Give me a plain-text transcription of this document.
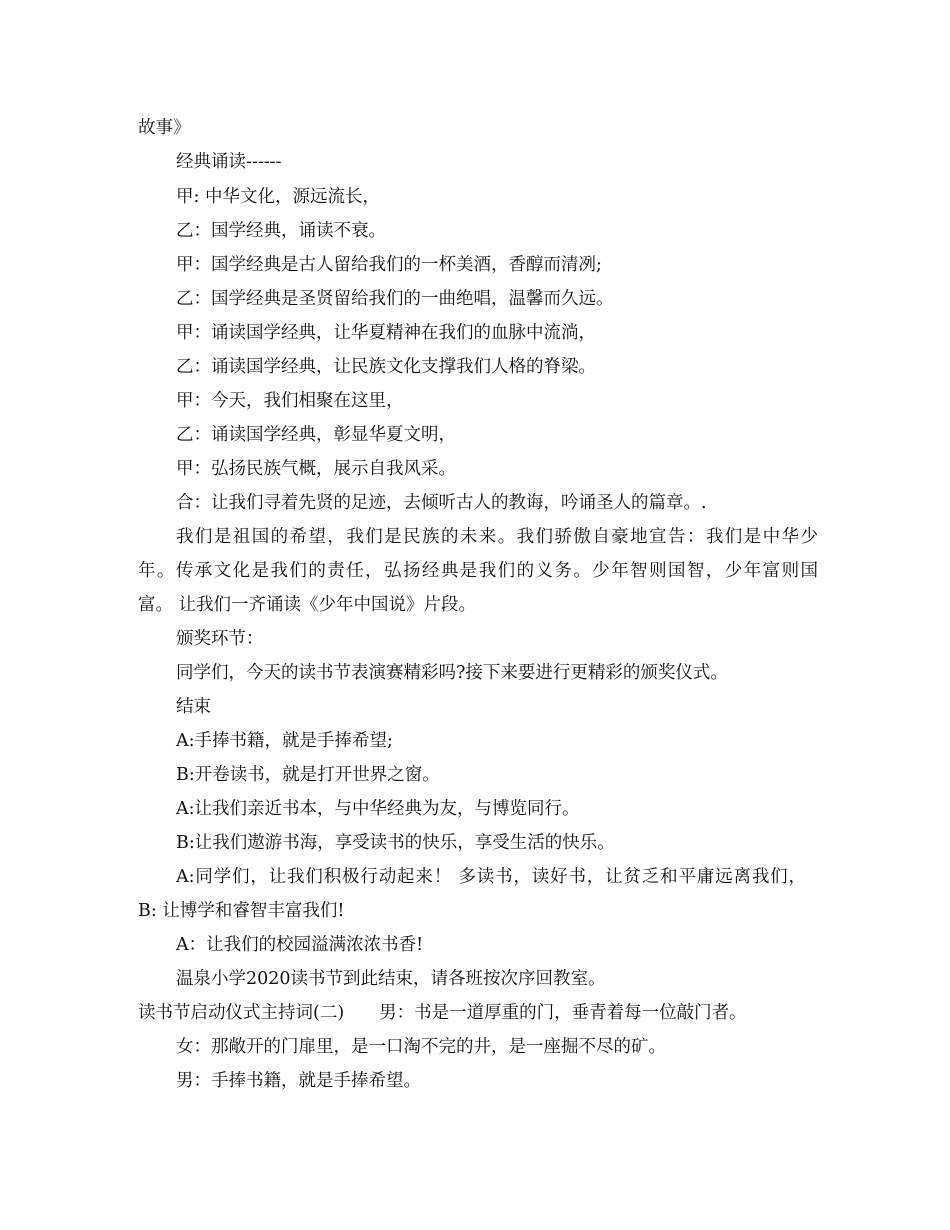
故事》
经典诵读------
甲: 中华文化，源远流长，
乙：国学经典，诵读不衰。
甲：国学经典是古人留给我们的一杯美酒，香醇而清冽;
乙：国学经典是圣贤留给我们的一曲绝唱，温馨而久远。
甲：诵读国学经典，让华夏精神在我们的血脉中流淌，
乙：诵读国学经典，让民族文化支撑我们人格的脊梁。
甲：今天，我们相聚在这里，
乙：诵读国学经典，彰显华夏文明，
甲：弘扬民族气概，展示自我风采。
合：让我们寻着先贤的足迹，去倾听古人的教诲，吟诵圣人的篇章。.
我们是祖国的希望，我们是民族的未来。我们骄傲自豪地宣告：我们是中华少
年。传承文化是我们的责任，弘扬经典是我们的义务。少年智则国智，少年富则国
富。 让我们一齐诵读《少年中国说》片段。
颁奖环节：
同学们，今天的读书节表演赛精彩吗?接下来要进行更精彩的颁奖仪式。
结束
A:手捧书籍，就是手捧希望;
B:开卷读书，就是打开世界之窗。
A:让我们亲近书本，与中华经典为友，与博览同行。
B:让我们遨游书海，享受读书的快乐，享受生活的快乐。
A:同学们，让我们积极行动起来！ 多读书，读好书，让贫乏和平庸远离我们，
B: 让博学和睿智丰富我们!
A：让我们的校园溢满浓浓书香!
温泉小学2020读书节到此结束，请各班按次序回教室。
读书节启动仪式主持词(二)　　男：书是一道厚重的门，垂青着每一位敲门者。
女：那敞开的门扉里，是一口淘不完的井，是一座掘不尽的矿。
男：手捧书籍，就是手捧希望。
